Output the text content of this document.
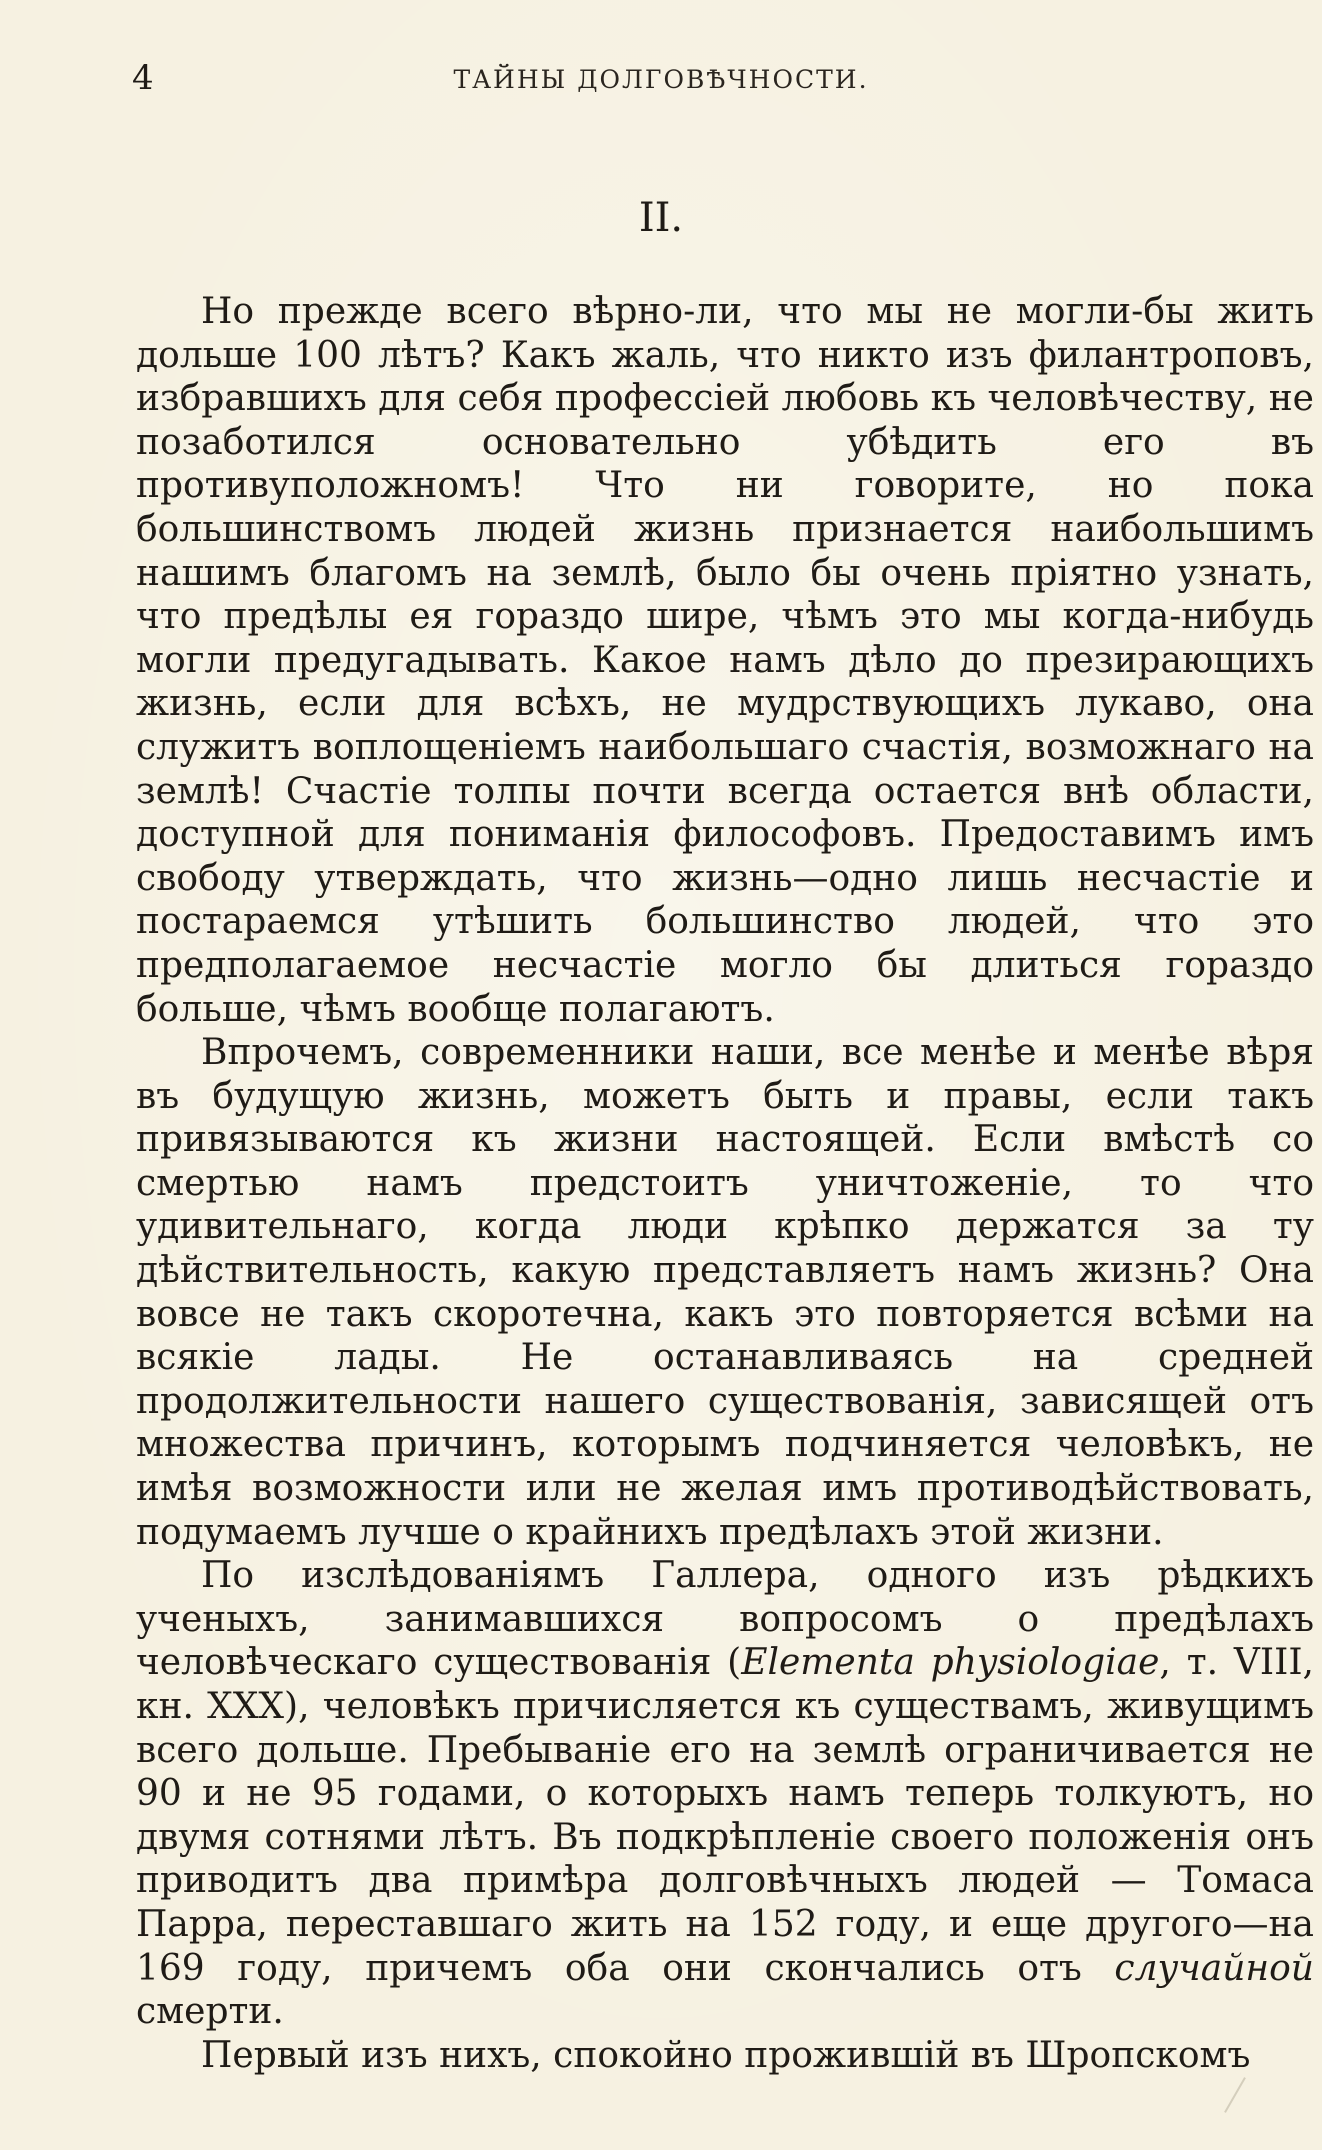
4	ТАЙНЫ ДОЛГОВѢЧНОСТИ.
II.

Но прежде всего вѣрно-ли, что мы не могли-бы жить дольше 100 лѣтъ? Какъ жаль, что никто изъ филантроповъ, избравшихъ для себя профессіей любовь къ человѣчеству, не позаботился основательно убѣдить его въ противуположномъ! Что ни говорите, но пока большинствомъ людей жизнь признается наибольшимъ нашимъ благомъ на землѣ, было бы очень пріятно узнать, что предѣлы ея гораздо шире, чѣмъ это мы когда-нибудь могли предугадывать. Какое намъ дѣло до презирающихъ жизнь, если для всѣхъ, не мудрствующихъ лукаво, она служитъ воплощеніемъ наибольшаго счастія, возможнаго на землѣ! Счастіе толпы почти всегда остается внѣ области, доступной для пониманія философовъ. Предоставимъ имъ свободу утверждать, что жизнь—одно лишь несчастіе и постараемся утѣшить большинство людей, что это предполагаемое несчастіе могло бы длиться гораздо больше, чѣмъ вообще полагаютъ.

Впрочемъ, современники наши, все менѣе и менѣе вѣря въ будущую жизнь, можетъ быть и правы, если такъ привязываются къ жизни настоящей. Если вмѣстѣ со смертью намъ предстоитъ уничтоженіе, то что удивительнаго, когда люди крѣпко держатся за ту дѣйствительность, какую представляетъ намъ жизнь? Она вовсе не такъ скоротечна, какъ это повторяется всѣми на всякіе лады. Не останавливаясь на средней продолжительности нашего существованія, зависящей отъ множества причинъ, которымъ подчиняется человѣкъ, не имѣя возможности или не желая имъ противодѣйствовать, подумаемъ лучше о крайнихъ предѣлахъ этой жизни.

По изслѣдованіямъ Галлера, одного изъ рѣдкихъ ученыхъ, занимавшихся вопросомъ о предѣлахъ человѣческаго существованія (Elementa physiologiae, т. VIII, кн. XXX), человѣкъ причисляется къ существамъ, живущимъ всего дольше. Пребываніе его на землѣ ограничивается не 90 и не 95 годами, о которыхъ намъ теперь толкуютъ, но двумя сотнями лѣтъ. Въ подкрѣпленіе своего положенія онъ приводитъ два примѣра долговѣчныхъ людей — Томаса Парра, переставшаго жить на 152 году, и еще другого—на 169 году, причемъ оба они скончались отъ случайной смерти.

Первый изъ нихъ, спокойно прожившій въ Шропскомъ
